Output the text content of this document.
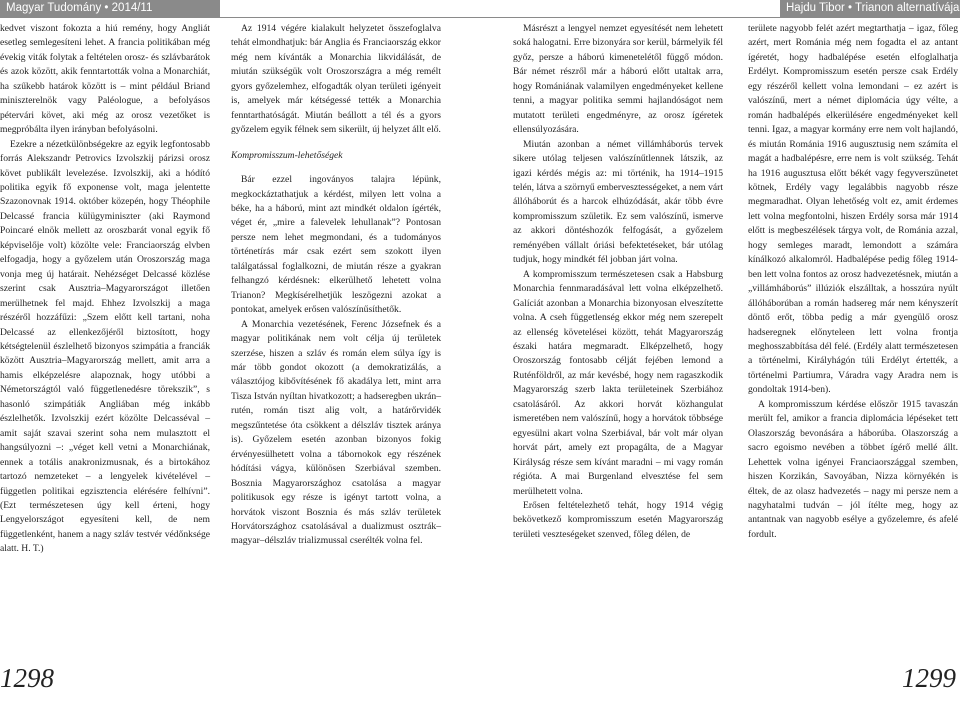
Magyar Tudomány • 2014/11	Hajdu Tibor • Trianon alternatívája

kedvet viszont fokozta a hiú remény, hogy Angliát esetleg semlegesíteni lehet. A francia politikában még évekig viták folytak a feltételen orosz- és szlávbarátok és azok között, akik fenntartották volna a Monarchiát, ha szűkebb határok között is – mint például Briand miniszterelnök vagy Paléologue, a befolyásos pétervári követ, aki még az orosz vezetőket is megpróbálta ilyen irányban befolyásolni.

Ezekre a nézetkülönbségekre az egyik legfontosabb forrás Alekszandr Petrovics Izvolszkij párizsi orosz követ publikált levelezése. Izvolszkij, aki a hódító politika egyik fő exponense volt, maga jelentette Szazonovnak 1914. október közepén, hogy Théophile Delcassé francia külügyminiszter (aki Raymond Poincaré elnök mellett az oroszbarát vonal egyik fő képviselője volt) közölte vele: Franciaország elvben elfogadja, hogy a győzelem után Oroszország maga vonja meg új határait. Nehézséget Delcassé közlése szerint csak Ausztria–Magyarországot illetően merülhetnek fel majd. Ehhez Izvolszkij a maga részéről hozzáfűzi: „Szem előtt kell tartani, noha Delcassé az ellenkezőjéről biztosított, hogy kétségtelenül észlelhető bizonyos szimpátia a franciák között Ausztria–Magyarország mellett, amit arra a hamis elképzelésre alapoznak, hogy utóbbi a Németországtól való függetlenedésre törekszik”, s hasonló szimpátiák Angliában még inkább észlelhetők. Izvolszkij ezért közölte Delcasséval – amit saját szavai szerint soha nem mulasztott el hangsúlyozni –: „véget kell vetni a Monarchiának, ennek a totális anakronizmusnak, és a birtokához tartozó nemzeteket – a lengyelek kivételével – független politikai egzisztencia elérésére felhívni”. (Ezt természetesen úgy kell érteni, hogy Lengyelországot egyesíteni kell, de nem függetlenként, hanem a nagy szláv testvér védőnksége alatt. H. T.)

Az 1914 végére kialakult helyzetet összefoglalva tehát elmondhatjuk: bár Anglia és Franciaország ekkor még nem kívánták a Monarchia likvidálását, de miután szükségük volt Oroszországra a még remélt gyors győzelemhez, elfogadták olyan területi igényeit is, amelyek már kétségessé tették a Monarchia fenntarthatóságát. Miután beállott a tél és a gyors győzelem egyik félnek sem sikerült, új helyzet állt elő.

Kompromisszum-lehetőségek

Bár ezzel ingoványos talajra lépünk, megkockáztathatjuk a kérdést, milyen lett volna a béke, ha a háború, mint azt mindkét oldalon ígérték, véget ér, „mire a falevelek lehullanak”? Pontosan persze nem lehet megmondani, és a tudományos történetírás már csak ezért sem szokott ilyen találgatással foglalkozni, de miután része a gyakran felhangzó kérdésnek: elkerülhető lehetett volna Trianon? Megkísérelhetjük leszögezni azokat a pontokat, amelyek erősen valószínűsíthetők.

A Monarchia vezetésének, Ferenc Józsefnek és a magyar politikának nem volt célja új területek szerzése, hiszen a szláv és román elem súlya így is már több gondot okozott (a demokratizálás, a választójog kibővítésének fő akadálya lett, mint arra Tisza István nyíltan hivatkozott; a hadseregben ukrán–rutén, román tiszt alig volt, a határőrvidék megszűntetése óta csökkent a délszláv tisztek aránya is). Győzelem esetén azonban bizonyos fokig érvényesülhetett volna a tábornokok egy részének hódítási vágya, különösen Szerbiával szemben. Bosznia Magyarországhoz csatolása a magyar politikusok egy része is igényt tartott volna, a horvátok viszont Bosznia és más szláv területek Horvátországhoz csatolásával a dualizmust osztrák–magyar–délszláv trializmussal cserélték volna fel.

Másrészt a lengyel nemzet egyesítését nem lehetett soká halogatni. Erre bizonyára sor kerül, bármelyik fél győz, persze a háború kimenetelétől függő módon. Bár német részről már a háború előtt utaltak arra, hogy Romániának valamilyen engedményeket kellene tenni, a magyar politika semmi hajlandóságot nem mutatott területi engedményre, az orosz ígéretek ellensúlyozására.

Miután azonban a német villámháborús tervek sikere utólag teljesen valószínűtlennek látszik, az igazi kérdés mégis az: mi történik, ha 1914–1915 telén, látva a szörnyű embervesztességeket, a nem várt állóháborút és a harcok elhúzódását, akár több évre kompromisszum születik. Ez sem valószínű, ismerve az akkori döntéshozók felfogását, a győzelem reményében vállalt óriási befektetéseket, bár utólag tudjuk, hogy mindkét fél jobban járt volna.

A kompromisszum természetesen csak a Habsburg Monarchia fennmaradásával lett volna elképzelhető. Galíciát azonban a Monarchia bizonyosan elveszítette volna. A cseh függetlenség ekkor még nem szerepelt az ellenség követelései között, tehát Magyarország északi határa megmaradt. Elképzelhető, hogy Oroszország fontosabb célját fejében lemond a Ruténföldről, az már kevésbé, hogy nem ragaszkodik Magyarország szerb lakta területeinek Szerbiához csatolásáról. Az akkori horvát közhangulat ismeretében nem valószínű, hogy a horvátok többsége egyesülni akart volna Szerbiával, bár volt már olyan horvát párt, amely ezt propagálta, de a Magyar Királyság része sem kívánt maradni – mi vagy román régióta. A mai Burgenland elvesztése fel sem merülhetett volna.

Erősen feltételezhető tehát, hogy 1914 végig bekövetkező kompromisszum esetén Magyarország területi veszteségeket szenved, főleg délen, de

területe nagyobb felét azért megtarthatja – igaz, főleg azért, mert Románia még nem fogadta el az antant ígéretét, hogy hadbalépése esetén elfoglalhatja Erdélyt. Kompromisszum esetén persze csak Erdély egy részéről kellett volna lemondani – ez azért is valószínű, mert a német diplomácia úgy vélte, a román hadbalépés elkerülésére engedményeket kell tenni. Igaz, a magyar kormány erre nem volt hajlandó, és miután Románia 1916 augusztusig nem számíta el magát a hadbalépésre, erre nem is volt szükség. Tehát ha 1916 augusztusa előtt békét vagy fegyverszünetet kötnek, Erdély vagy legalábbis nagyobb része megmaradhat. Olyan lehetőség volt ez, amit érdemes lett volna megfontolni, hiszen Erdély sorsa már 1914 előtt is megbeszélések tárgya volt, de Románia azzal, hogy semleges maradt, lemondott a számára kínálkozó alkalomról. Hadbalépése pedig főleg 1914-ben lett volna fontos az orosz hadvezetésnek, miután a „villámháborús” illúziók elszálltak, a hosszúra nyúlt állóháborúban a román hadsereg már nem kényszerít döntő erőt, többa pedig a már gyengülő orosz hadseregnek előnyteleen lett volna frontja meghosszabbítása dél felé. (Erdély alatt természetesen a történelmi, Királyhágón túli Erdélyt értették, a történelmi Partiumra, Váradra vagy Aradra nem is gondoltak 1914-ben).

A kompromisszum kérdése először 1915 tavaszán merült fel, amikor a francia diplomácia lépéseket tett Olaszország bevonására a háborúba. Olaszország a sacro egoismo nevében a többet ígérő mellé állt. Lehettek volna igényei Franciaországgal szemben, hiszen Korzikán, Savoyában, Nizza környékén is éltek, de az olasz hadvezetés – nagy mi persze nem a nagyhatalmi tudván – jól ítélte meg, hogy az antantnak van nagyobb esélye a győzelemre, és afelé fordult.

1298	1299
